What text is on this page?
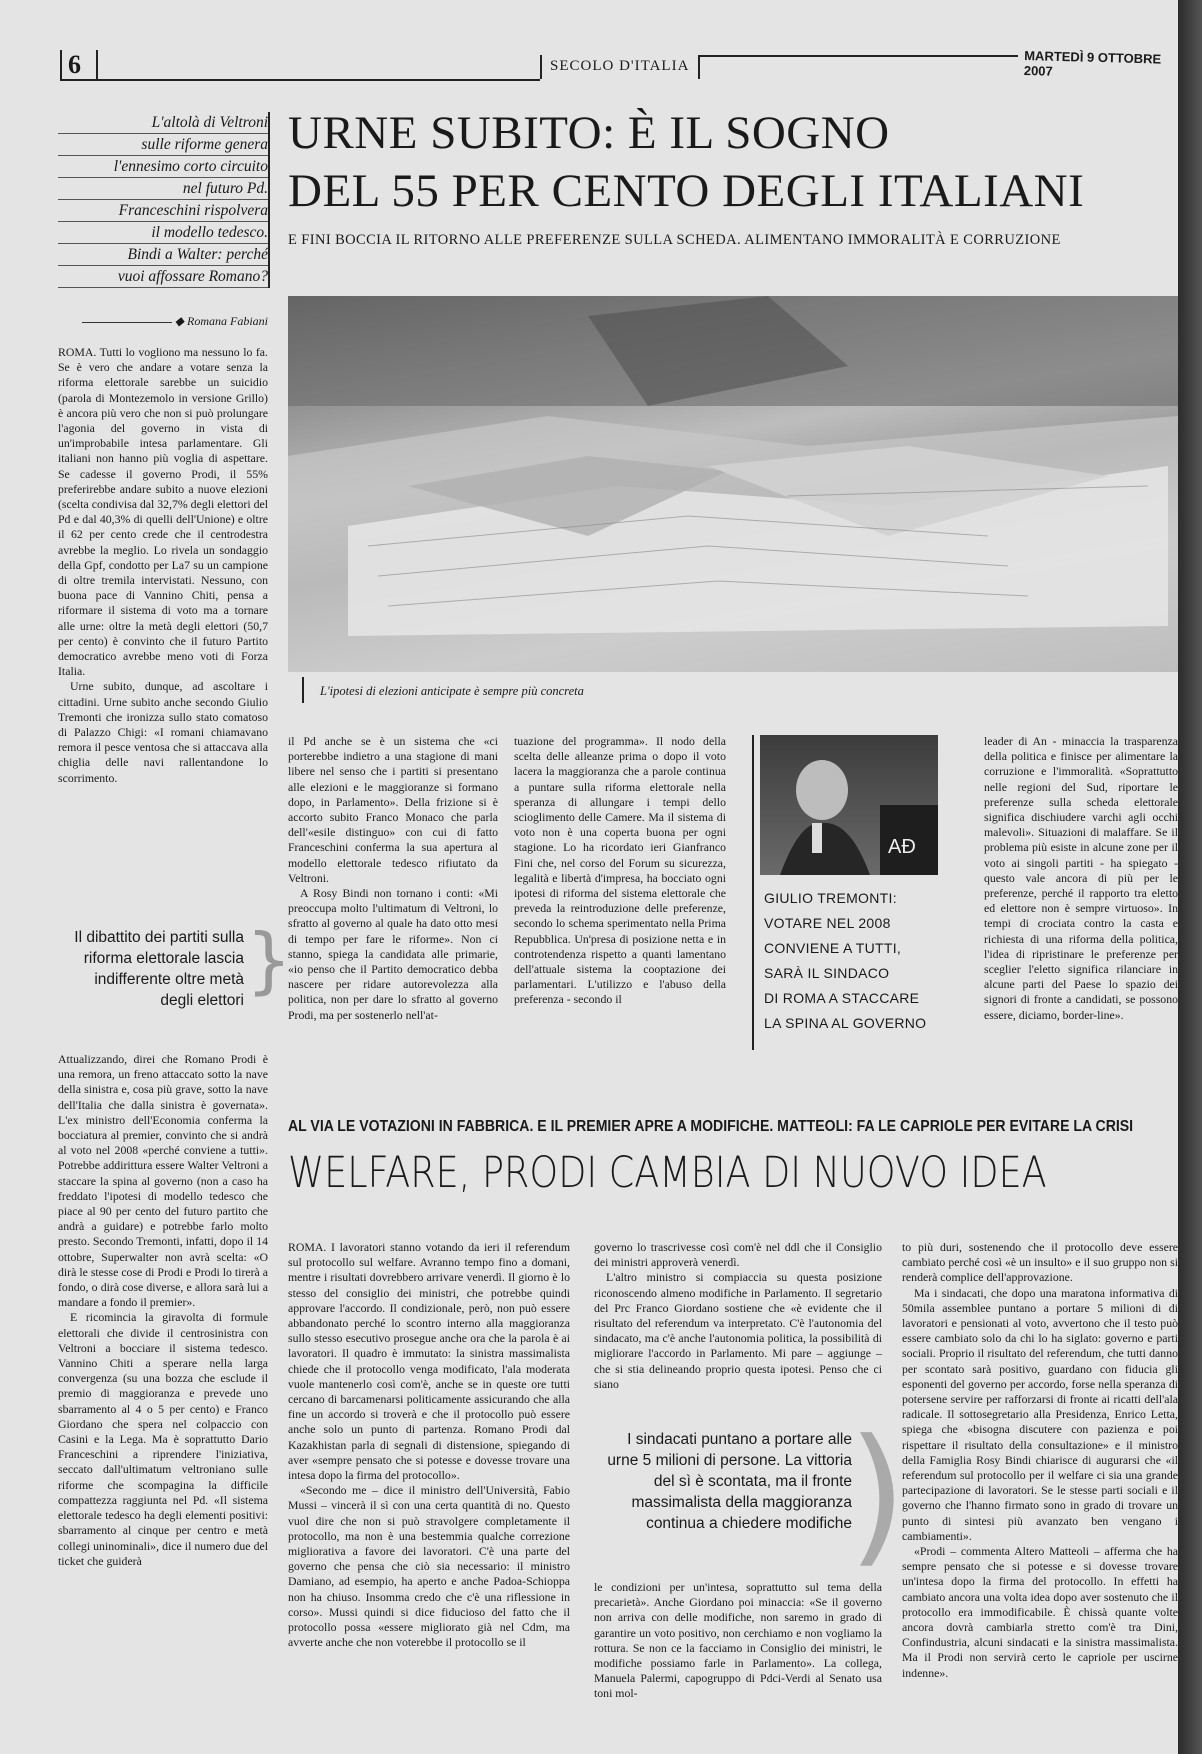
6	SECOLO D'ITALIA	MARTEDÌ 9 OTTOBRE 2007
L'altolà di Veltroni
sulle riforme genera
l'ennesimo corto circuito
nel futuro Pd.
Franceschini rispolvera
il modello tedesco.
Bindi a Walter: perché
vuoi affossare Romano?
URNE SUBITO: È IL SOGNO
DEL 55 PER CENTO DEGLI ITALIANI
E FINI BOCCIA IL RITORNO ALLE PREFERENZE SULLA SCHEDA. ALIMENTANO IMMORALITÀ E CORRUZIONE
◆ Romana Fabiani
L'ipotesi di elezioni anticipate è sempre più concreta

ROMA. Tutti lo vogliono ma nessuno lo fa. Se è vero che andare a votare senza la riforma elettorale sarebbe un suicidio (parola di Montezemolo in versione Grillo) è ancora più vero che non si può prolungare l'agonia del governo in vista di un'improbabile intesa parlamentare. Gli italiani non hanno più voglia di aspettare. Se cadesse il governo Prodi, il 55% preferirebbe andare subito a nuove elezioni (scelta condivisa dal 32,7% degli elettori del Pd e dal 40,3% di quelli dell'Unione) e oltre il 62 per cento crede che il centrodestra avrebbe la meglio. Lo rivela un sondaggio della Gpf, condotto per La7 su un campione di oltre tremila intervistati. Nessuno, con buona pace di Vannino Chiti, pensa a riformare il sistema di voto ma a tornare alle urne: oltre la metà degli elettori (50,7 per cento) è convinto che il futuro Partito democratico avrebbe meno voti di Forza Italia.

Urne subito, dunque, ad ascoltare i cittadini. Urne subito anche secondo Giulio Tremonti che ironizza sullo stato comatoso di Palazzo Chigi: «I romani chiamavano remora il pesce ventosa che si attaccava alla chiglia delle navi rallentandone lo scorrimento.

Il dibattito dei partiti sulla riforma elettorale lascia indifferente oltre metà degli elettori }

Attualizzando, direi che Romano Prodi è una remora, un freno attaccato sotto la nave della sinistra e, cosa più grave, sotto la nave dell'Italia che dalla sinistra è governata». L'ex ministro dell'Economia conferma la bocciatura al premier, convinto che si andrà al voto nel 2008 «perché conviene a tutti». Potrebbe addirittura essere Walter Veltroni a staccare la spina al governo (non a caso ha freddato l'ipotesi di modello tedesco che piace al 90 per cento del futuro partito che andrà a guidare) e potrebbe farlo molto presto. Secondo Tremonti, infatti, dopo il 14 ottobre, Superwalter non avrà scelta: «O dirà le stesse cose di Prodi e Prodi lo tirerà a fondo, o dirà cose diverse, e allora sarà lui a mandare a fondo il premier».

E ricomincia la giravolta di formule elettorali che divide il centrosinistra con Veltroni a bocciare il sistema tedesco. Vannino Chiti a sperare nella larga convergenza (su una bozza che esclude il premio di maggioranza e prevede uno sbarramento al 4 o 5 per cento) e Franco Giordano che spera nel colpaccio con Casini e la Lega. Ma è soprattutto Dario Franceschini a riprendere l'iniziativa, seccato dall'ultimatum veltroniano sulle riforme che scompagina la difficile compattezza raggiunta nel Pd. «Il sistema elettorale tedesco ha degli elementi positivi: sbarramento al cinque per centro e metà collegi uninominali», dice il numero due del ticket che guiderà

il Pd anche se è un sistema che «ci porterebbe indietro a una stagione di mani libere nel senso che i partiti si presentano alle elezioni e le maggioranze si formano dopo, in Parlamento». Della frizione si è accorto subito Franco Monaco che parla dell'«esile distinguo» con cui di fatto Franceschini conferma la sua apertura al modello elettorale tedesco rifiutato da Veltroni.

A Rosy Bindi non tornano i conti: «Mi preoccupa molto l'ultimatum di Veltroni, lo sfratto al governo al quale ha dato otto mesi di tempo per fare le riforme». Non ci stanno, spiega la candidata alle primarie, «io penso che il Partito democratico debba nascere per ridare autorevolezza alla politica, non per dare lo sfratto al governo Prodi, ma per sostenerlo nell'at-

tuazione del programma». Il nodo della scelta delle alleanze prima o dopo il voto lacera la maggioranza che a parole continua a puntare sulla riforma elettorale nella speranza di allungare i tempi dello scioglimento delle Camere. Ma il sistema di voto non è una coperta buona per ogni stagione. Lo ha ricordato ieri Gianfranco Fini che, nel corso del Forum su sicurezza, legalità e libertà d'impresa, ha bocciato ogni ipotesi di riforma del sistema elettorale che preveda la reintroduzione delle preferenze, secondo lo schema sperimentato nella Prima Repubblica. Un'presa di posizione netta e in controtendenza rispetto a quanti lamentano dell'attuale sistema la cooptazione dei parlamentari. L'utilizzo e l'abuso della preferenza - secondo il

AĐ
GIULIO TREMONTI:
VOTARE NEL 2008
CONVIENE A TUTTI,
SARÀ IL SINDACO
DI ROMA A STACCARE
LA SPINA AL GOVERNO

leader di An - minaccia la trasparenza della politica e finisce per alimentare la corruzione e l'immoralità. «Soprattutto nelle regioni del Sud, riportare le preferenze sulla scheda elettorale significa dischiudere varchi agli occhi malevoli». Situazioni di malaffare. Se il problema più esiste in alcune zone per il voto ai singoli partiti - ha spiegato - questo vale ancora di più per le preferenze, perché il rapporto tra eletto ed elettore non è sempre virtuoso». In tempi di crociata contro la casta e richiesta di una riforma della politica, l'idea di ripristinare le preferenze per sceglier l'eletto significa rilanciare in alcune parti del Paese lo spazio dei signori di fronte a candidati, se possono essere, diciamo, border-line».

AL VIA LE VOTAZIONI IN FABBRICA. E IL PREMIER APRE A MODIFICHE. MATTEOLI: FA LE CAPRIOLE PER EVITARE LA CRISI
WELFARE, PRODI CAMBIA DI NUOVO IDEA

ROMA. I lavoratori stanno votando da ieri il referendum sul protocollo sul welfare. Avranno tempo fino a domani, mentre i risultati dovrebbero arrivare venerdì. Il giorno è lo stesso del consiglio dei ministri, che potrebbe quindi approvare l'accordo. Il condizionale, però, non può essere abbandonato perché lo scontro interno alla maggioranza sullo stesso esecutivo prosegue anche ora che la parola è ai lavoratori. Il quadro è immutato: la sinistra massimalista chiede che il protocollo venga modificato, l'ala moderata vuole mantenerlo così com'è, anche se in queste ore tutti cercano di barcamenarsi politicamente assicurando che alla fine un accordo si troverà e che il protocollo può essere anche solo un punto di partenza. Romano Prodi dal Kazakhistan parla di segnali di distensione, spiegando di aver «sempre pensato che si potesse e dovesse trovare una intesa dopo la firma del protocollo».

«Secondo me – dice il ministro dell'Università, Fabio Mussi – vincerà il sì con una certa quantità di no. Questo vuol dire che non si può stravolgere completamente il protocollo, ma non è una bestemmia qualche correzione migliorativa a favore dei lavoratori. C'è una parte del governo che pensa che ciò sia necessario: il ministro Damiano, ad esempio, ha aperto e anche Padoa-Schioppa non ha chiuso. Insomma credo che c'è una riflessione in corso». Mussi quindi si dice fiducioso del fatto che il protocollo possa «essere migliorato già nel Cdm, ma avverte anche che non voterebbe il protocollo se il

governo lo trascrivesse così com'è nel ddl che il Consiglio dei ministri approverà venerdì.

L'altro ministro si compiaccia su questa posizione riconoscendo almeno modifiche in Parlamento. Il segretario del Prc Franco Giordano sostiene che «è evidente che il risultato del referendum va interpretato. C'è l'autonomia del sindacato, ma c'è anche l'autonomia politica, la possibilità di migliorare l'accordo in Parlamento. Mi pare – aggiunge – che si stia delineando proprio questa ipotesi. Penso che ci siano

I sindacati puntano a portare alle urne 5 milioni di persone. La vittoria del sì è scontata, ma il fronte massimalista della maggioranza continua a chiedere modifiche
)

le condizioni per un'intesa, soprattutto sul tema della precarietà». Anche Giordano poi minaccia: «Se il governo non arriva con delle modifiche, non saremo in grado di garantire un voto positivo, non cerchiamo e non vogliamo la rottura. Se non ce la facciamo in Consiglio dei ministri, le modifiche possiamo farle in Parlamento». La collega, Manuela Palermi, capogruppo di Pdci-Verdi al Senato usa toni mol-

to più duri, sostenendo che il protocollo deve essere cambiato perché così «è un insulto» e il suo gruppo non si renderà complice dell'approvazione.

Ma i sindacati, che dopo una maratona informativa di 50mila assemblee puntano a portare 5 milioni di di lavoratori e pensionati al voto, avvertono che il testo può essere cambiato solo da chi lo ha siglato: governo e parti sociali. Proprio il risultato del referendum, che tutti danno per scontato sarà positivo, guardano con fiducia gli esponenti del governo per accordo, forse nella speranza di potersene servire per rafforzarsi di fronte ai ricatti dell'ala radicale. Il sottosegretario alla Presidenza, Enrico Letta, spiega che «bisogna discutere con pazienza e poi rispettare il risultato della consultazione» e il ministro della Famiglia Rosy Bindi chiarisce di augurarsi che «il referendum sul protocollo per il welfare ci sia una grande partecipazione di lavoratori. Se le stesse parti sociali e il governo che l'hanno firmato sono in grado di trovare un punto di sintesi più avanzato ben vengano i cambiamenti».

«Prodi – commenta Altero Matteoli – afferma che ha sempre pensato che si potesse e si dovesse trovare un'intesa dopo la firma del protocollo. In effetti ha cambiato ancora una volta idea dopo aver sostenuto che il protocollo era immodificabile. È chissà quante volte ancora dovrà cambiarla stretto com'è tra Dini, Confindustria, alcuni sindacati e la sinistra massimalista. Ma il Prodi non servirà certo le capriole per uscirne indenne».
